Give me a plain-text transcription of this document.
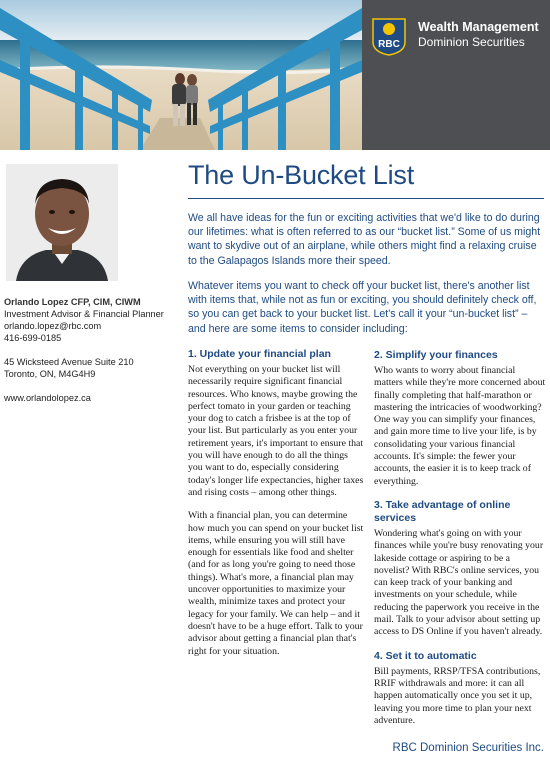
RBC
Wealth Management
Dominion Securities
Orlando Lopez CFP, CIM, CIWM
Investment Advisor & Financial Planner
orlando.lopez@rbc.com
416-699-0185
45 Wicksteed Avenue Suite 210
Toronto, ON, M4G4H9
www.orlandolopez.ca
The Un-Bucket List

We all have ideas for the fun or exciting activities that we'd like to do during our lifetimes: what is often referred to as our “bucket list.” Some of us might want to skydive out of an airplane, while others might find a relaxing cruise to the Galapagos Islands more their speed.

Whatever items you want to check off your bucket list, there's another list with items that, while not as fun or exciting, you should definitely check off, so you can get back to your bucket list. Let's call it your “un-bucket list” – and here are some items to consider including:

1. Update your financial plan

Not everything on your bucket list will necessarily require significant financial resources. Who knows, maybe growing the perfect tomato in your garden or teaching your dog to catch a frisbee is at the top of your list. But particularly as you enter your retirement years, it's important to ensure that you will have enough to do all the things you want to do, especially considering today's longer life expectancies, higher taxes and rising costs – among other things.

With a financial plan, you can determine how much you can spend on your bucket list items, while ensuring you will still have enough for essentials like food and shelter (and for as long you're going to need those things). What's more, a financial plan may uncover opportunities to maximize your wealth, minimize taxes and protect your legacy for your family. We can help – and it doesn't have to be a huge effort. Talk to your advisor about getting a financial plan that's right for your situation.

2. Simplify your finances

Who wants to worry about financial matters while they're more concerned about finally completing that half-marathon or mastering the intricacies of woodworking? One way you can simplify your finances, and gain more time to live your life, is by consolidating your various financial accounts. It's simple: the fewer your accounts, the easier it is to keep track of everything.

3. Take advantage of online services

Wondering what's going on with your finances while you're busy renovating your lakeside cottage or aspiring to be a novelist? With RBC's online services, you can keep track of your banking and investments on your schedule, while reducing the paperwork you receive in the mail. Talk to your advisor about setting up access to DS Online if you haven't already.

4. Set it to automatic

Bill payments, RRSP/TFSA contributions, RRIF withdrawals and more: it can all happen automatically once you set it up, leaving you more time to plan your next adventure.

RBC Dominion Securities Inc.
